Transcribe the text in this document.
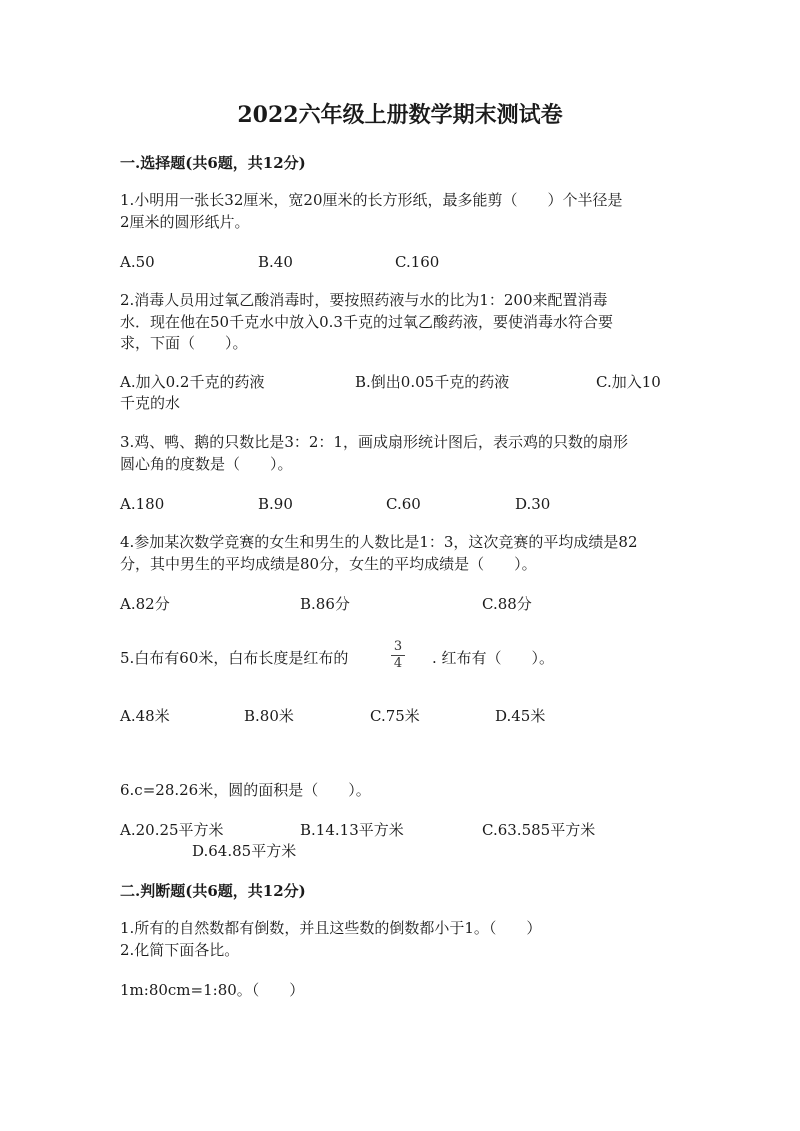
2022六年级上册数学期末测试卷
一.选择题(共6题，共12分)
1.小明用一张长32厘米，宽20厘米的长方形纸，最多能剪（　　）个半径是
2厘米的圆形纸片。
A.50	B.40	C.160
2.消毒人员用过氧乙酸消毒时，要按照药液与水的比为1：200来配置消毒
水．现在他在50千克水中放入0.3千克的过氧乙酸药液，要使消毒水符合要
求，下面（　　）。
A.加入0.2千克的药液	B.倒出0.05千克的药液	C.加入10
千克的水
3.鸡、鸭、鹅的只数比是3：2：1，画成扇形统计图后，表示鸡的只数的扇形
圆心角的度数是（　　）。
A.180	B.90	C.60	D.30
4.参加某次数学竞赛的女生和男生的人数比是1：3，这次竞赛的平均成绩是82
分，其中男生的平均成绩是80分，女生的平均成绩是（　　）。
A.82分	B.86分	C.88分
5.白布有60米，白布长度是红布的
3
4 . 红布有（　　）。
A.48米	B.80米	C.75米	D.45米
6.c=28.26米，圆的面积是（　　）。
A.20.25平方米	B.14.13平方米	C.63.585平方米
D.64.85平方米
二.判断题(共6题，共12分)
1.所有的自然数都有倒数，并且这些数的倒数都小于1。（　　）
2.化简下面各比。
1m:80cm=1:80。（　　）
